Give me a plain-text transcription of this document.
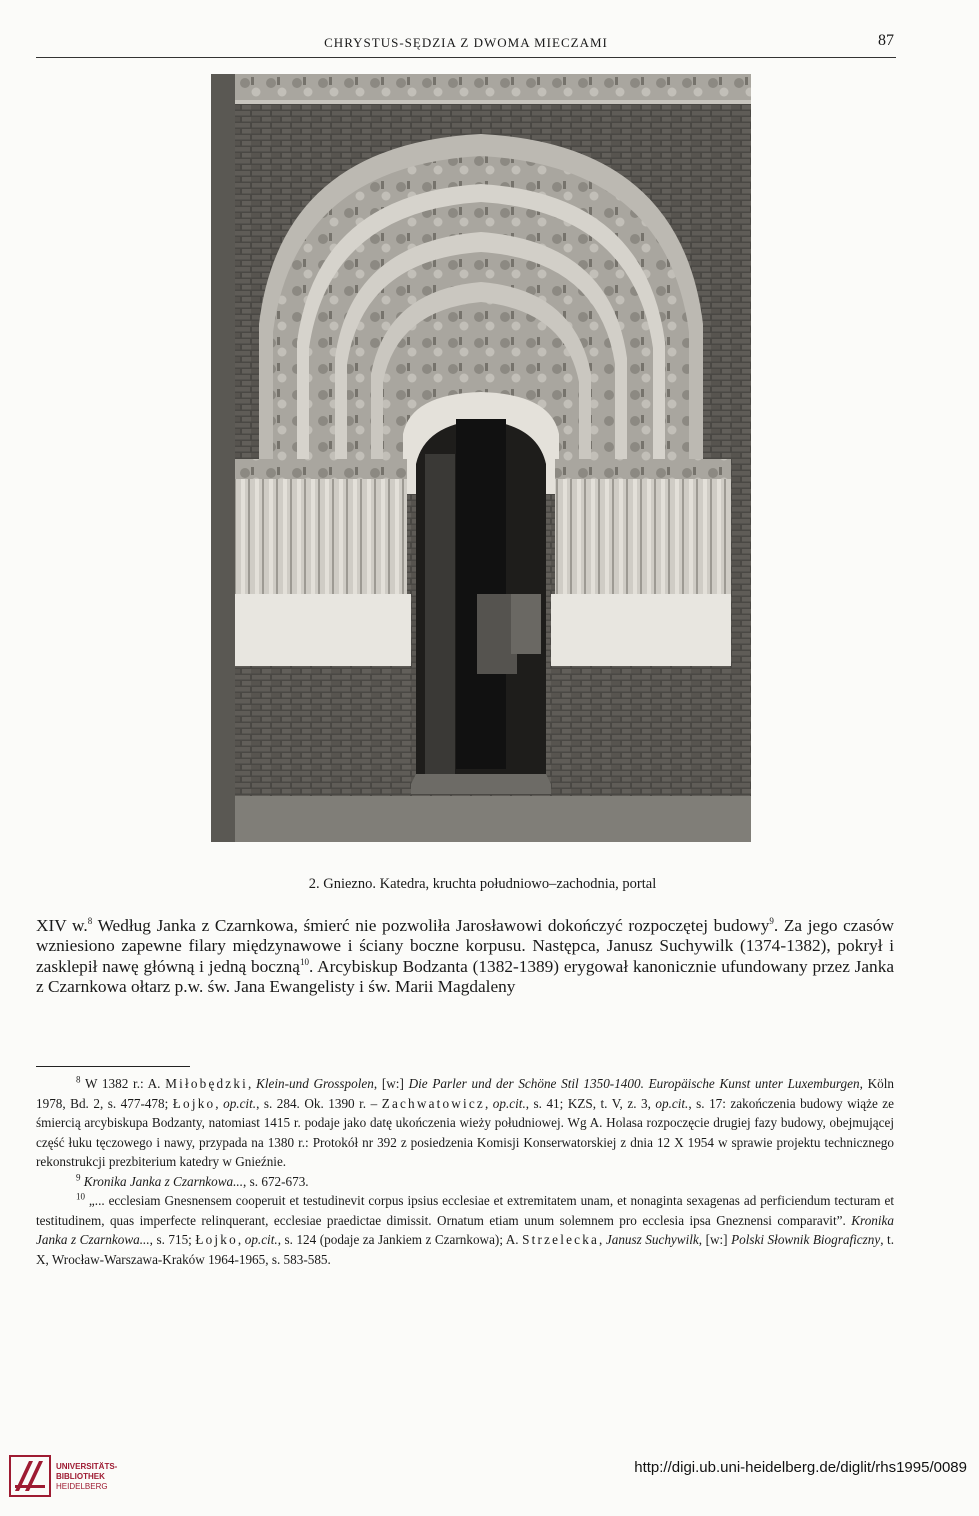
CHRYSTUS-SĘDZIA Z DWOMA MIECZAMI	87
2. Gniezno. Katedra, kruchta południowo–zachodnia, portal

XIV w.$^8$ Według Janka z Czarnkowa, śmierć nie pozwoliła Jarosławowi dokończyć rozpoczętej budowy$^9$. Za jego czasów wzniesiono zapewne filary międzynawowe i ściany boczne korpusu. Następca, Janusz Suchywilk (1374-1382), pokrył i zasklepił nawę główną i jedną boczną$^{10}$. Arcybiskup Bodzanta (1382-1389) erygował kanonicznie ufundowany przez Janka z Czarnkowa ołtarz p.w. św. Jana Ewangelisty i św. Marii Magdaleny

$^8$ W 1382 r.: A. Miłobędzki, Klein-und Grosspolen, [w:] Die Parler und der Schöne Stil 1350-1400. Europäische Kunst unter Luxemburgen, Köln 1978, Bd. 2, s. 477-478; Łojko, op.cit., s. 284. Ok. 1390 r. – Zachwatowicz, op.cit., s. 41; KZS, t. V, z. 3, op.cit., s. 17: zakończenia budowy wiąże ze śmiercią arcybiskupa Bodzanty, natomiast 1415 r. podaje jako datę ukończenia wieży południowej. Wg A. Holasa rozpoczęcie drugiej fazy budowy, obejmującej część łuku tęczowego i nawy, przypada na 1380 r.: Protokół nr 392 z posiedzenia Komisji Konserwatorskiej z dnia 12 X 1954 w sprawie projektu technicznego rekonstrukcji prezbiterium katedry w Gnieźnie.

$^9$ Kronika Janka z Czarnkowa..., s. 672-673.

$^{10}$ „... ecclesiam Gnesnensem cooperuit et testudinevit corpus ipsius ecclesiae et extremitatem unam, et nonaginta sexagenas ad perficiendum tecturam et testitudinem, quas imperfecte relinquerant, ecclesiae praedictae dimissit. Ornatum etiam unum solemnem pro ecclesia ipsa Gneznensi comparavit”. Kronika Janka z Czarnkowa..., s. 715; Łojko, op.cit., s. 124 (podaje za Jankiem z Czarnkowa); A. Strzelecka, Janusz Suchywilk, [w:] Polski Słownik Biograficzny, t. X, Wrocław-Warszawa-Kraków 1964-1965, s. 583-585.

UNIVERSITÄTS-
BIBLIOTHEK
HEIDELBERG
http://digi.ub.uni-heidelberg.de/diglit/rhs1995/0089
